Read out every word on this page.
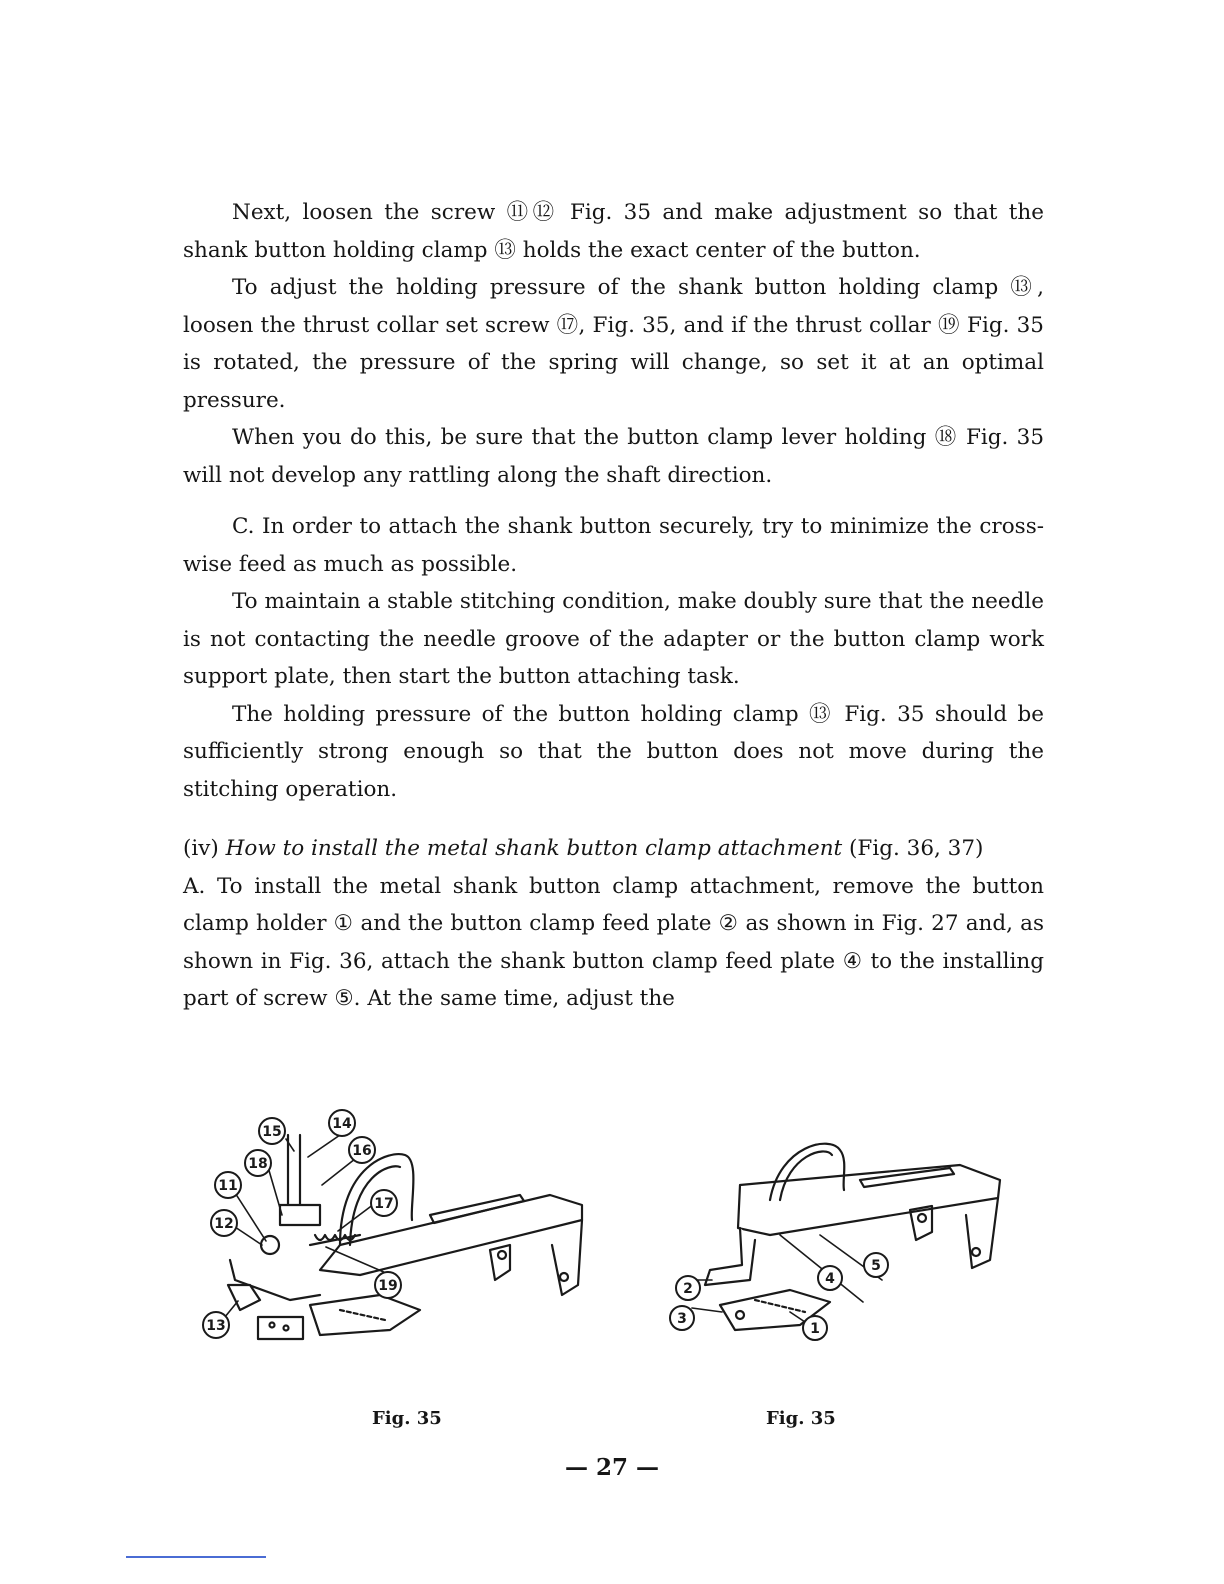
Next, loosen the screw ⑪⑫ Fig. 35 and make adjustment so that the shank button holding clamp ⑬ holds the exact center of the button.

To adjust the holding pressure of the shank button holding clamp ⑬, loosen the thrust collar set screw ⑰, Fig. 35, and if the thrust collar ⑲ Fig. 35 is rotated, the pressure of the spring will change, so set it at an optimal pressure.

When you do this, be sure that the button clamp lever holding ⑱ Fig. 35 will not develop any rattling along the shaft direction.

C. In order to attach the shank button securely, try to minimize the cross-wise feed as much as possible.

To maintain a stable stitching condition, make doubly sure that the needle is not contacting the needle groove of the adapter or the button clamp work support plate, then start the button attaching task.

The holding pressure of the button holding clamp ⑬ Fig. 35 should be sufficiently strong enough so that the button does not move during the stitching operation.

(iv) How to install the metal shank button clamp attachment (Fig. 36, 37)

A. To install the metal shank button clamp attachment, remove the button clamp holder ① and the button clamp feed plate ② as shown in Fig. 27 and, as shown in Fig. 36, attach the shank button clamp feed plate ④ to the installing part of screw ⑤. At the same time, adjust the

15	14
16
18
11
17
12
19
13
5
4
2
3
1
Fig. 35	Fig. 35
— 27 —
